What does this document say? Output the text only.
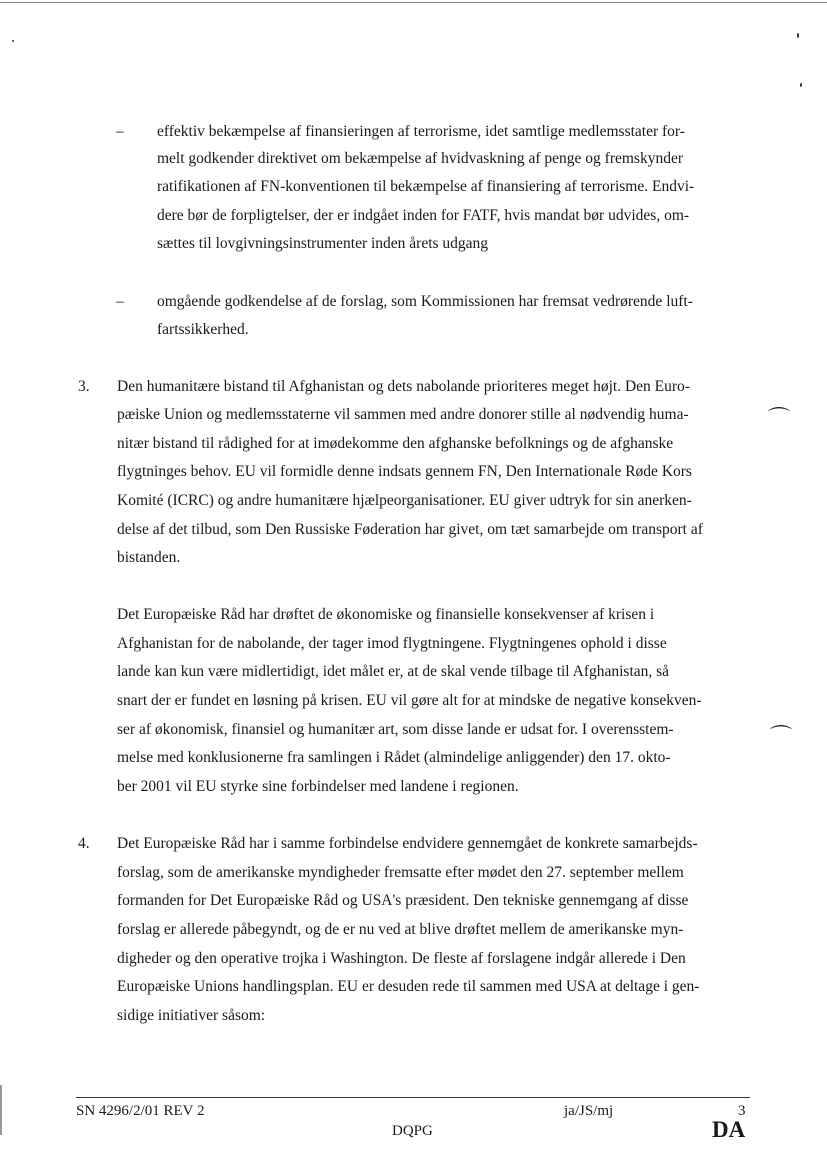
⌒
⌒
– effektiv bekæmpelse af finansieringen af terrorisme, idet samtlige medlemsstater for-
melt godkender direktivet om bekæmpelse af hvidvaskning af penge og fremskynder
ratifikationen af FN-konventionen til bekæmpelse af finansiering af terrorisme. Endvi-
dere bør de forpligtelser, der er indgået inden for FATF, hvis mandat bør udvides, om-
sættes til lovgivningsinstrumenter inden årets udgang
– omgående godkendelse af de forslag, som Kommissionen har fremsat vedrørende luft-
fartssikkerhed.
3. Den humanitære bistand til Afghanistan og dets nabolande prioriteres meget højt. Den Euro-
pæiske Union og medlemsstaterne vil sammen med andre donorer stille al nødvendig huma-
nitær bistand til rådighed for at imødekomme den afghanske befolknings og de afghanske
flygtninges behov. EU vil formidle denne indsats gennem FN, Den Internationale Røde Kors
Komité (ICRC) og andre humanitære hjælpeorganisationer. EU giver udtryk for sin anerken-
delse af det tilbud, som Den Russiske Føderation har givet, om tæt samarbejde om transport af
bistanden.
Det Europæiske Råd har drøftet de økonomiske og finansielle konsekvenser af krisen i
Afghanistan for de nabolande, der tager imod flygtningene. Flygtningenes ophold i disse
lande kan kun være midlertidigt, idet målet er, at de skal vende tilbage til Afghanistan, så
snart der er fundet en løsning på krisen. EU vil gøre alt for at mindske de negative konsekven-
ser af økonomisk, finansiel og humanitær art, som disse lande er udsat for. I overensstem-
melse med konklusionerne fra samlingen i Rådet (almindelige anliggender) den 17. okto-
ber 2001 vil EU styrke sine forbindelser med landene i regionen.
4. Det Europæiske Råd har i samme forbindelse endvidere gennemgået de konkrete samarbejds-
forslag, som de amerikanske myndigheder fremsatte efter mødet den 27. september mellem
formanden for Det Europæiske Råd og USA's præsident. Den tekniske gennemgang af disse
forslag er allerede påbegyndt, og de er nu ved at blive drøftet mellem de amerikanske myn-
digheder og den operative trojka i Washington. De fleste af forslagene indgår allerede i Den
Europæiske Unions handlingsplan. EU er desuden rede til sammen med USA at deltage i gen-
sidige initiativer såsom:
SN 4296/2/01 REV 2	ja/JS/mj	3
DQPG	DA
